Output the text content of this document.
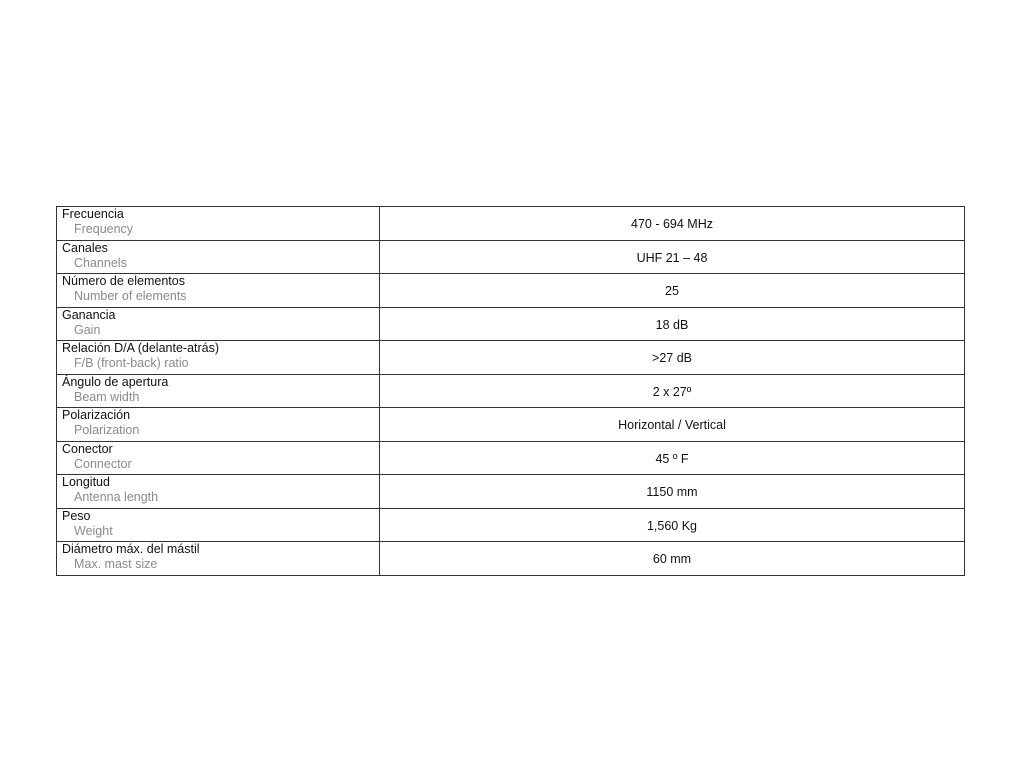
Frecuencia
Frequency	470 - 694 MHz

Canales
Channels	UHF 21 – 48

Número de elementos
Number of elements	25

Ganancia
Gain	18 dB

Relación D/A (delante-atrás)
F/B (front-back) ratio	>27 dB

Ángulo de apertura
Beam width	2 x 27º

Polarización
Polarization	Horizontal / Vertical

Conector
Connector	45 º F

Longitud
Antenna length	1150 mm

Peso
Weight	1,560 Kg

Diámetro máx. del mástil
Max. mast size	60 mm
